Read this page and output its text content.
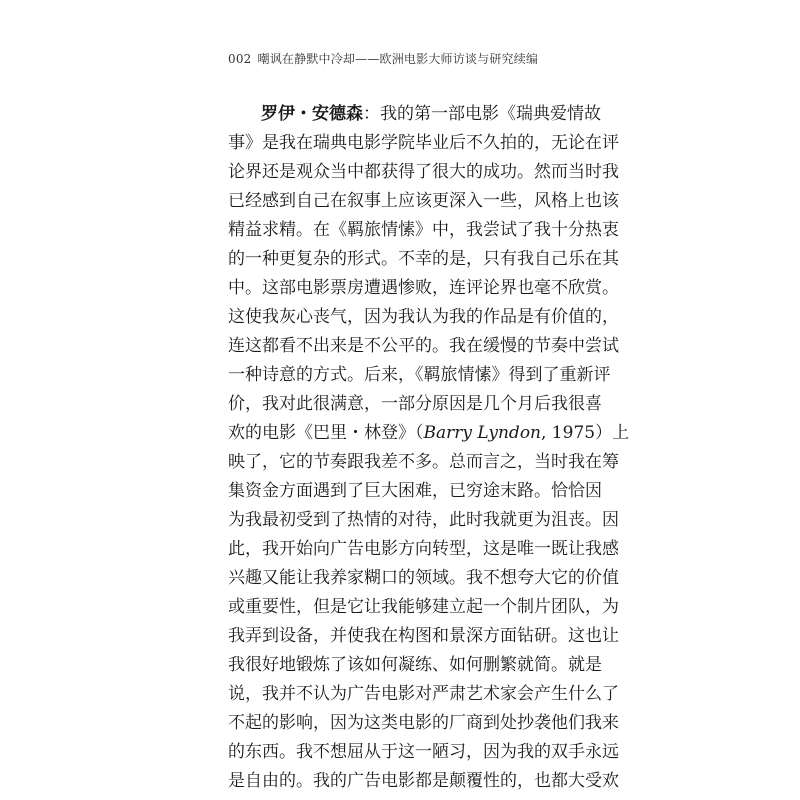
002 嘲讽在静默中冷却——欧洲电影大师访谈与研究续编
罗伊・安德森：我的第一部电影《瑞典爱情故
事》是我在瑞典电影学院毕业后不久拍的，无论在评
论界还是观众当中都获得了很大的成功。然而当时我
已经感到自己在叙事上应该更深入一些，风格上也该
精益求精。在《羁旅情愫》中，我尝试了我十分热衷
的一种更复杂的形式。不幸的是，只有我自己乐在其
中。这部电影票房遭遇惨败，连评论界也毫不欣赏。
这使我灰心丧气，因为我认为我的作品是有价值的，
连这都看不出来是不公平的。我在缓慢的节奏中尝试
一种诗意的方式。后来，《羁旅情愫》得到了重新评
价，我对此很满意，一部分原因是几个月后我很喜
欢的电影《巴里・林登》（Barry Lyndon, 1975）上
映了，它的节奏跟我差不多。总而言之，当时我在筹
集资金方面遇到了巨大困难，已穷途末路。恰恰因
为我最初受到了热情的对待，此时我就更为沮丧。因
此，我开始向广告电影方向转型，这是唯一既让我感
兴趣又能让我养家糊口的领域。我不想夸大它的价值
或重要性，但是它让我能够建立起一个制片团队，为
我弄到设备，并使我在构图和景深方面钻研。这也让
我很好地锻炼了该如何凝练、如何删繁就简。就是
说，我并不认为广告电影对严肃艺术家会产生什么了
不起的影响，因为这类电影的厂商到处抄袭他们我来
的东西。我不想屈从于这一陋习，因为我的双手永远
是自由的。我的广告电影都是颠覆性的，也都大受欢
